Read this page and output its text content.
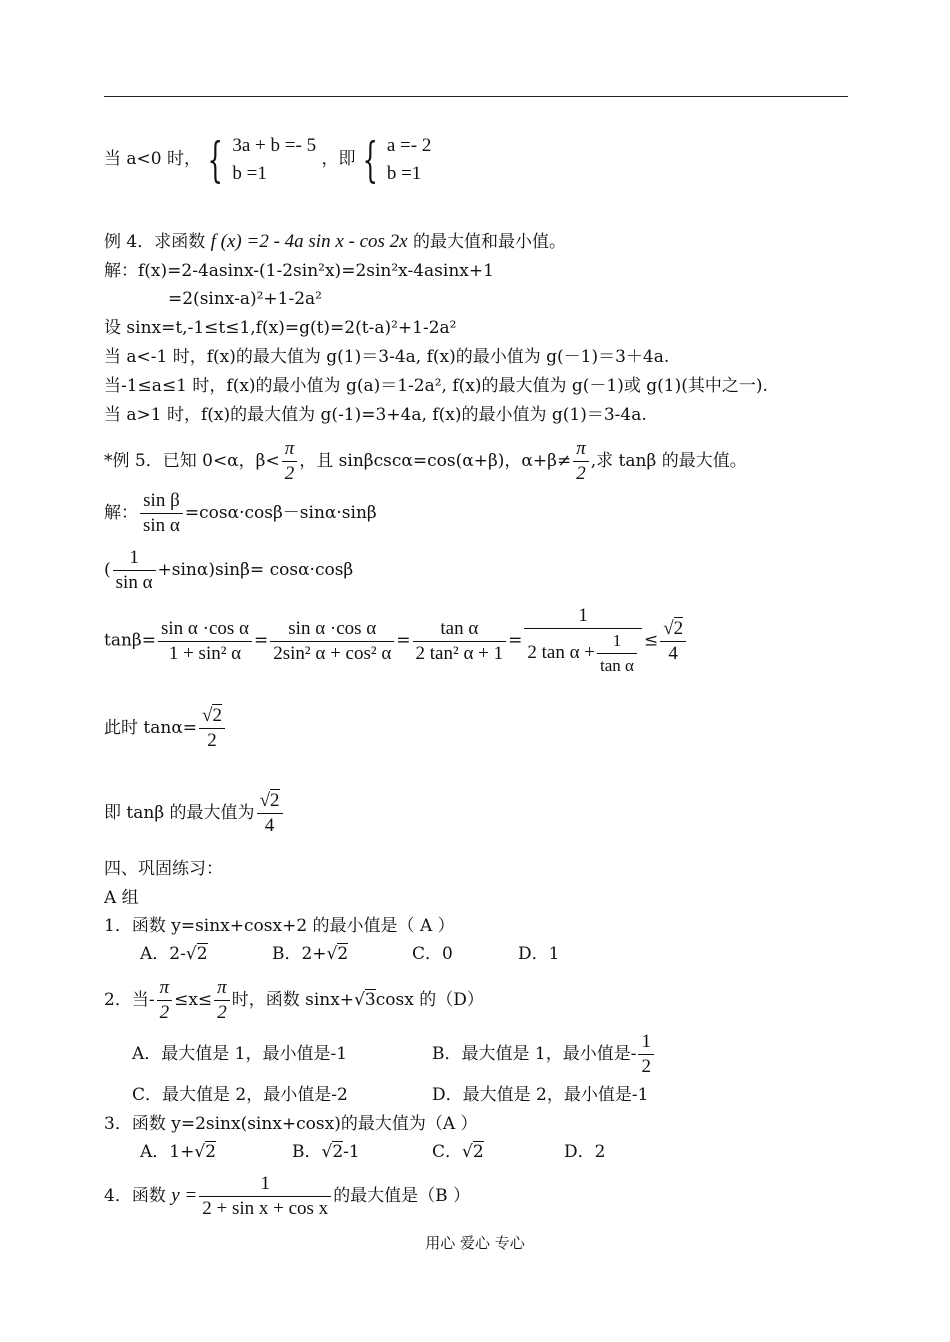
当 a<0 时， { 3a + b =- 5
b =1
，即 { a =- 2
b =1
例 4．求函数 f (x) =2 - 4a sin x - cos 2x 的最大值和最小值。
解：f(x)=2-4asinx-(1-2sin²x)=2sin²x-4asinx+1
=2(sinx-a)²+1-2a²
设 sinx=t,-1≤t≤1,f(x)=g(t)=2(t-a)²+1-2a²
当 a<-1 时，f(x)的最大值为 g(1)＝3-4a, f(x)的最小值为 g(－1)＝3＋4a.
当-1≤a≤1 时，f(x)的最小值为 g(a)＝1-2a², f(x)的最大值为 g(－1)或 g(1)(其中之一).
当 a>1 时，f(x)的最大值为 g(-1)=3+4a, f(x)的最小值为 g(1)＝3-4a.
*例 5．已知 0<α，$\beta< \frac{\pi}{2}$ ，且 sinβcscα=cos(α+β)，$\alpha+\beta\ne \frac{\pi}{2}$ ,求 tanβ 的最大值。
解： $\frac{\text{sin β}}{\text{sin α}} =\cos\alpha\cdot\cos\beta-\sin\alpha\cdot\sin\beta$
( $\frac{1}{\text{sin α}} +\sin\alpha)\sin\beta= \cos\alpha\cdot\cos\beta$
$\tan\beta= \frac{\text{sin α ·cos α}}{\text{1 + sin² α}} = \frac{\text{sin α ·cos α}}{\text{2sin² α + cos² α}} = \frac{\text{tan α}}{\text{2 tan² α + 1}} = \frac{1}{2 \tan \alpha + \frac{1}{\text{tan α}}} \le \frac{√2}{4}$
此时 $\tan\alpha= \frac{√2}{2}$
即 tanβ 的最大值为 $\frac{√2}{4}$
四、巩固练习：
A 组
1．函数 y=sinx+cosx+2 的最小值是（ A ）
A．2-√2	B．2+√2	C．0	D．1
2．当- $\frac{\pi}{2} \le x\le \frac{\pi}{2}$ 时，函数 sinx+√3cosx 的（D）
A．最大值是 1，最小值是-1	B．最大值是 1，最小值是- $\frac{1}{2}$
C．最大值是 2，最小值是-2	D．最大值是 2，最小值是-1
3．函数 y=2sinx(sinx+cosx)的最大值为（A ）
A．1+√2	B．√2-1	C．√2	D．2
4．函数 $y = \frac{1}{\text{2 + sin x + cos x}}$ 的最大值是（B ）
用心 爱心 专心
